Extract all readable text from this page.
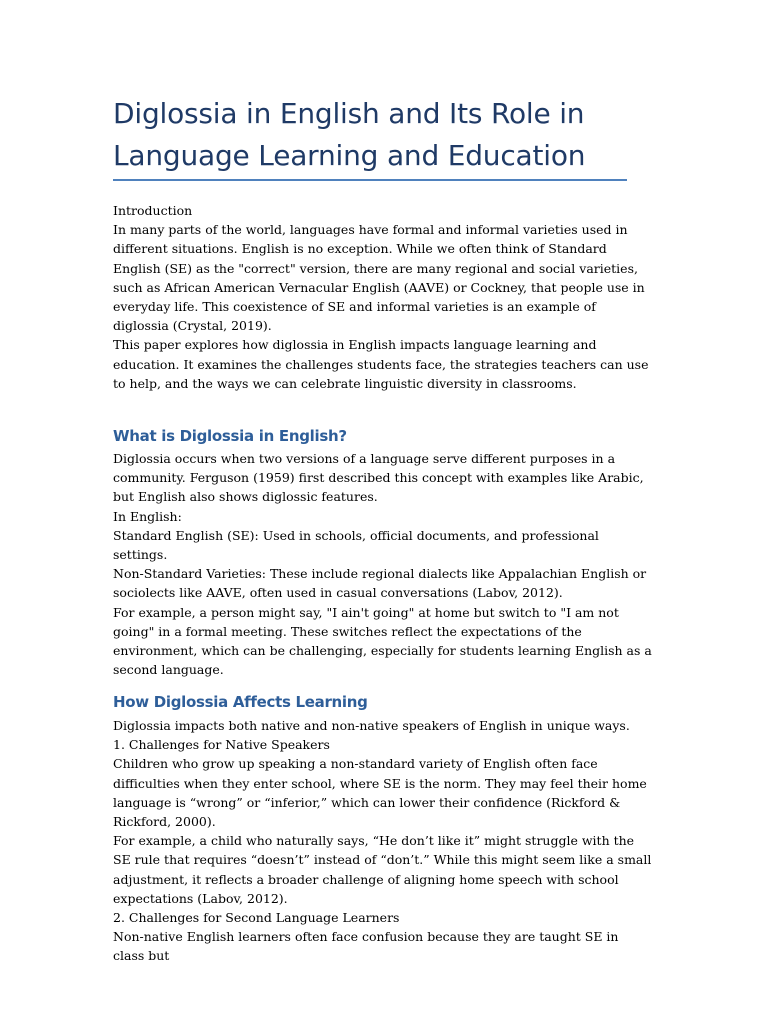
Diglossia in English and Its Role in
Language Learning and Education

Introduction

In many parts of the world, languages have formal and informal varieties used in different situations. English is no exception. While we often think of Standard English (SE) as the "correct" version, there are many regional and social varieties, such as African American Vernacular English (AAVE) or Cockney, that people use in everyday life. This coexistence of SE and informal varieties is an example of diglossia (Crystal, 2019).

This paper explores how diglossia in English impacts language learning and education. It examines the challenges students face, the strategies teachers can use to help, and the ways we can celebrate linguistic diversity in classrooms.

What is Diglossia in English?

Diglossia occurs when two versions of a language serve different purposes in a community. Ferguson (1959) first described this concept with examples like Arabic, but English also shows diglossic features.

In English:

Standard English (SE): Used in schools, official documents, and professional settings.

Non-Standard Varieties: These include regional dialects like Appalachian English or sociolects like AAVE, often used in casual conversations (Labov, 2012).

For example, a person might say, "I ain't going" at home but switch to "I am not going" in a formal meeting. These switches reflect the expectations of the environment, which can be challenging, especially for students learning English as a second language.

How Diglossia Affects Learning

Diglossia impacts both native and non-native speakers of English in unique ways.

1. Challenges for Native Speakers

Children who grow up speaking a non-standard variety of English often face difficulties when they enter school, where SE is the norm. They may feel their home language is “wrong” or “inferior,” which can lower their confidence (Rickford & Rickford, 2000).

For example, a child who naturally says, “He don’t like it” might struggle with the SE rule that requires “doesn’t” instead of “don’t.” While this might seem like a small adjustment, it reflects a broader challenge of aligning home speech with school expectations (Labov, 2012).

2. Challenges for Second Language Learners

Non-native English learners often face confusion because they are taught SE in class but
